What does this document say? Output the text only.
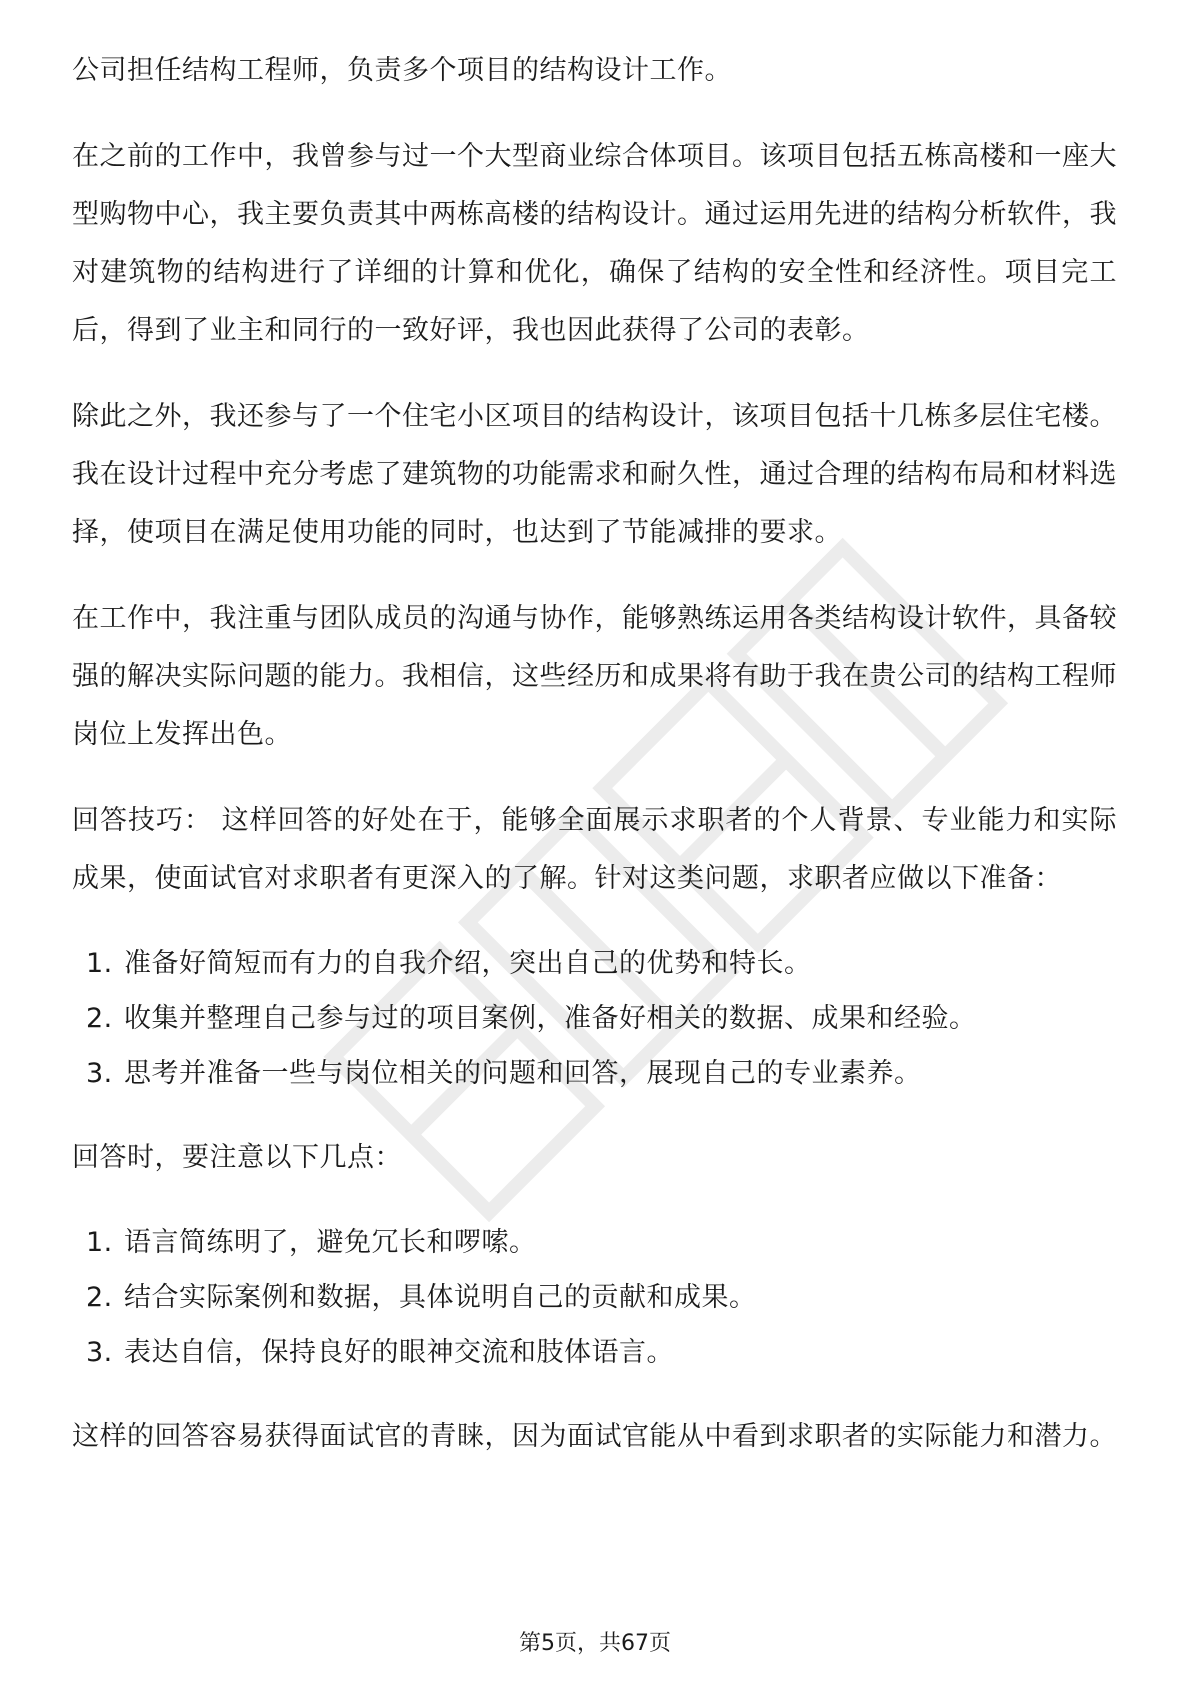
公司担任结构工程师，负责多个项目的结构设计工作。

在之前的工作中，我曾参与过一个大型商业综合体项目。该项目包括五栋高楼和一座大型购物中心，我主要负责其中两栋高楼的结构设计。通过运用先进的结构分析软件，我对建筑物的结构进行了详细的计算和优化，确保了结构的安全性和经济性。项目完工后，得到了业主和同行的一致好评，我也因此获得了公司的表彰。

除此之外，我还参与了一个住宅小区项目的结构设计，该项目包括十几栋多层住宅楼。我在设计过程中充分考虑了建筑物的功能需求和耐久性，通过合理的结构布局和材料选择，使项目在满足使用功能的同时，也达到了节能减排的要求。

在工作中，我注重与团队成员的沟通与协作，能够熟练运用各类结构设计软件，具备较强的解决实际问题的能力。我相信，这些经历和成果将有助于我在贵公司的结构工程师岗位上发挥出色。

回答技巧： 这样回答的好处在于，能够全面展示求职者的个人背景、专业能力和实际成果，使面试官对求职者有更深入的了解。针对这类问题，求职者应做以下准备：

1. 准备好简短而有力的自我介绍，突出自己的优势和特长。
2. 收集并整理自己参与过的项目案例，准备好相关的数据、成果和经验。
3. 思考并准备一些与岗位相关的问题和回答，展现自己的专业素养。

回答时，要注意以下几点：

1. 语言简练明了，避免冗长和啰嗦。
2. 结合实际案例和数据，具体说明自己的贡献和成果。
3. 表达自信，保持良好的眼神交流和肢体语言。

这样的回答容易获得面试官的青睐，因为面试官能从中看到求职者的实际能力和潜力。

第5页，共67页
